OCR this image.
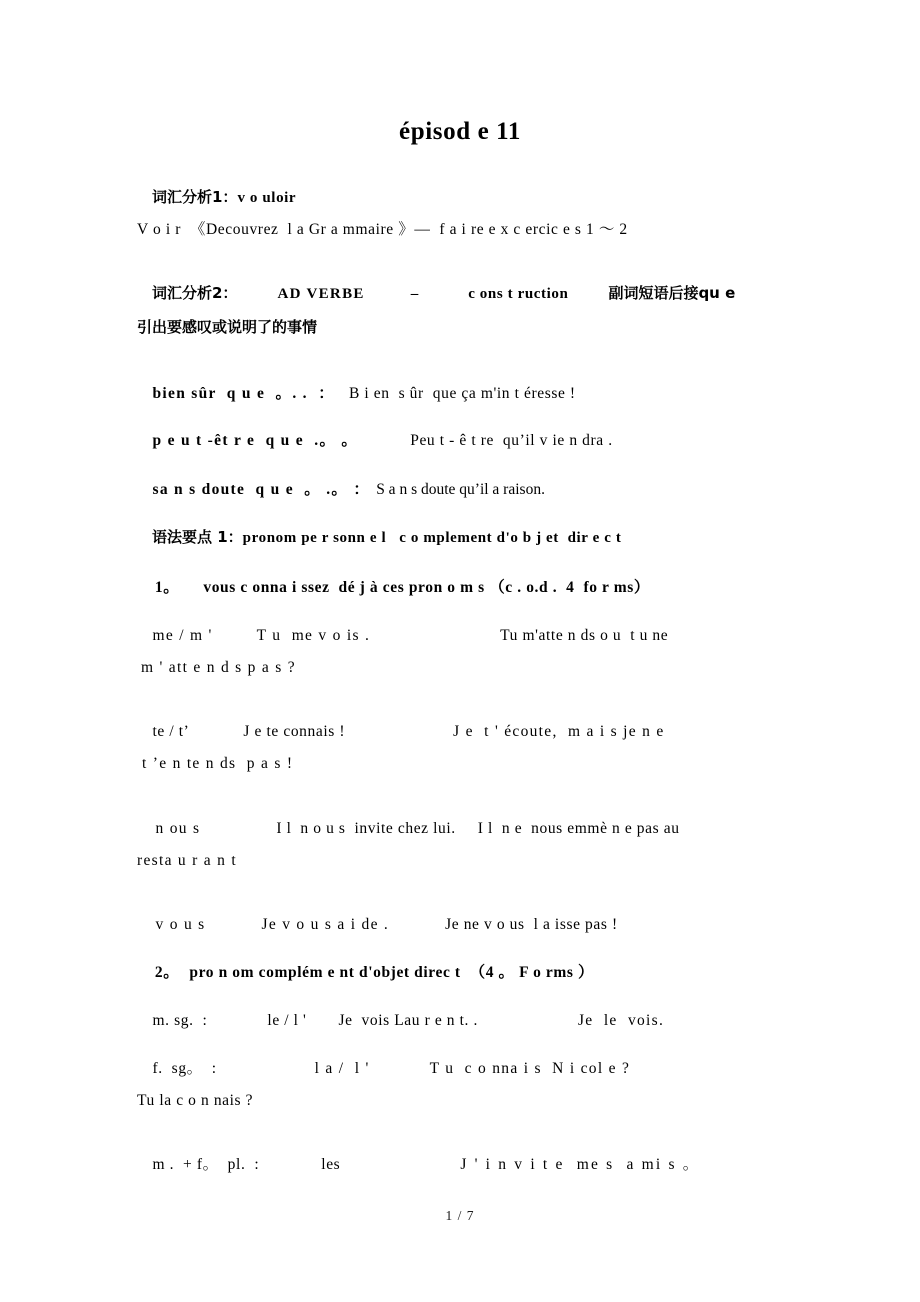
épisod e 11

词汇分析1：v o uloir

V o i r  《Decouvrez  l a Gr a mmaire 》—  f a i re e x c ercic e s 1 ～ 2

词汇分析2：	AD VERBE	–	c ons t ruction	副词短语后接qu e

引出要感叹或说明了的事情

bien sûr  q u e  。. .  ： B i en  s ûr  que ça m'in t éresse !

p e u t -êt r e  q u e  .。 。	Peu t - ê t re  qu’il v ie n dra .

sa n s doute  q u e  。 .。 ： S a n s doute qu’il a raison.

语法要点 1：pronom pe r sonn e l   c o mplement d'o b j et  dir e c t

1。 vous c onna i ssez  dé j à ces pron o m s （c . o.d .  4  fo r ms）

me / m '	T u  me v o is .	Tu m'atte n ds o u  t u ne

m ' att e n d s p a s ?

te / t’	J e te connais !	J e  t ' écoute,  m a i s je n e

t ’e n te n ds  p a s !

n ou s	I l  n o u s  invite chez lui. I l  n e  nous emmè n e pas au

resta u r a n t

v o u s	Je v o u s a i de .	Je ne v o us  l a isse pas !

2。 pro n om complém e nt d'objet direc t  （4 。 F o rms ）

m. sg.  :	le / l ' Je  vois Lau r e n t. .	Je  le  vois.

f.  sg。  :	l a /  l '	T u  c o nna i s  N i col e ?

Tu la c o n nais ?

m .  + f。  pl.  :	les	J ' i n v i t e  me s  a mi s 。

1 / 7
